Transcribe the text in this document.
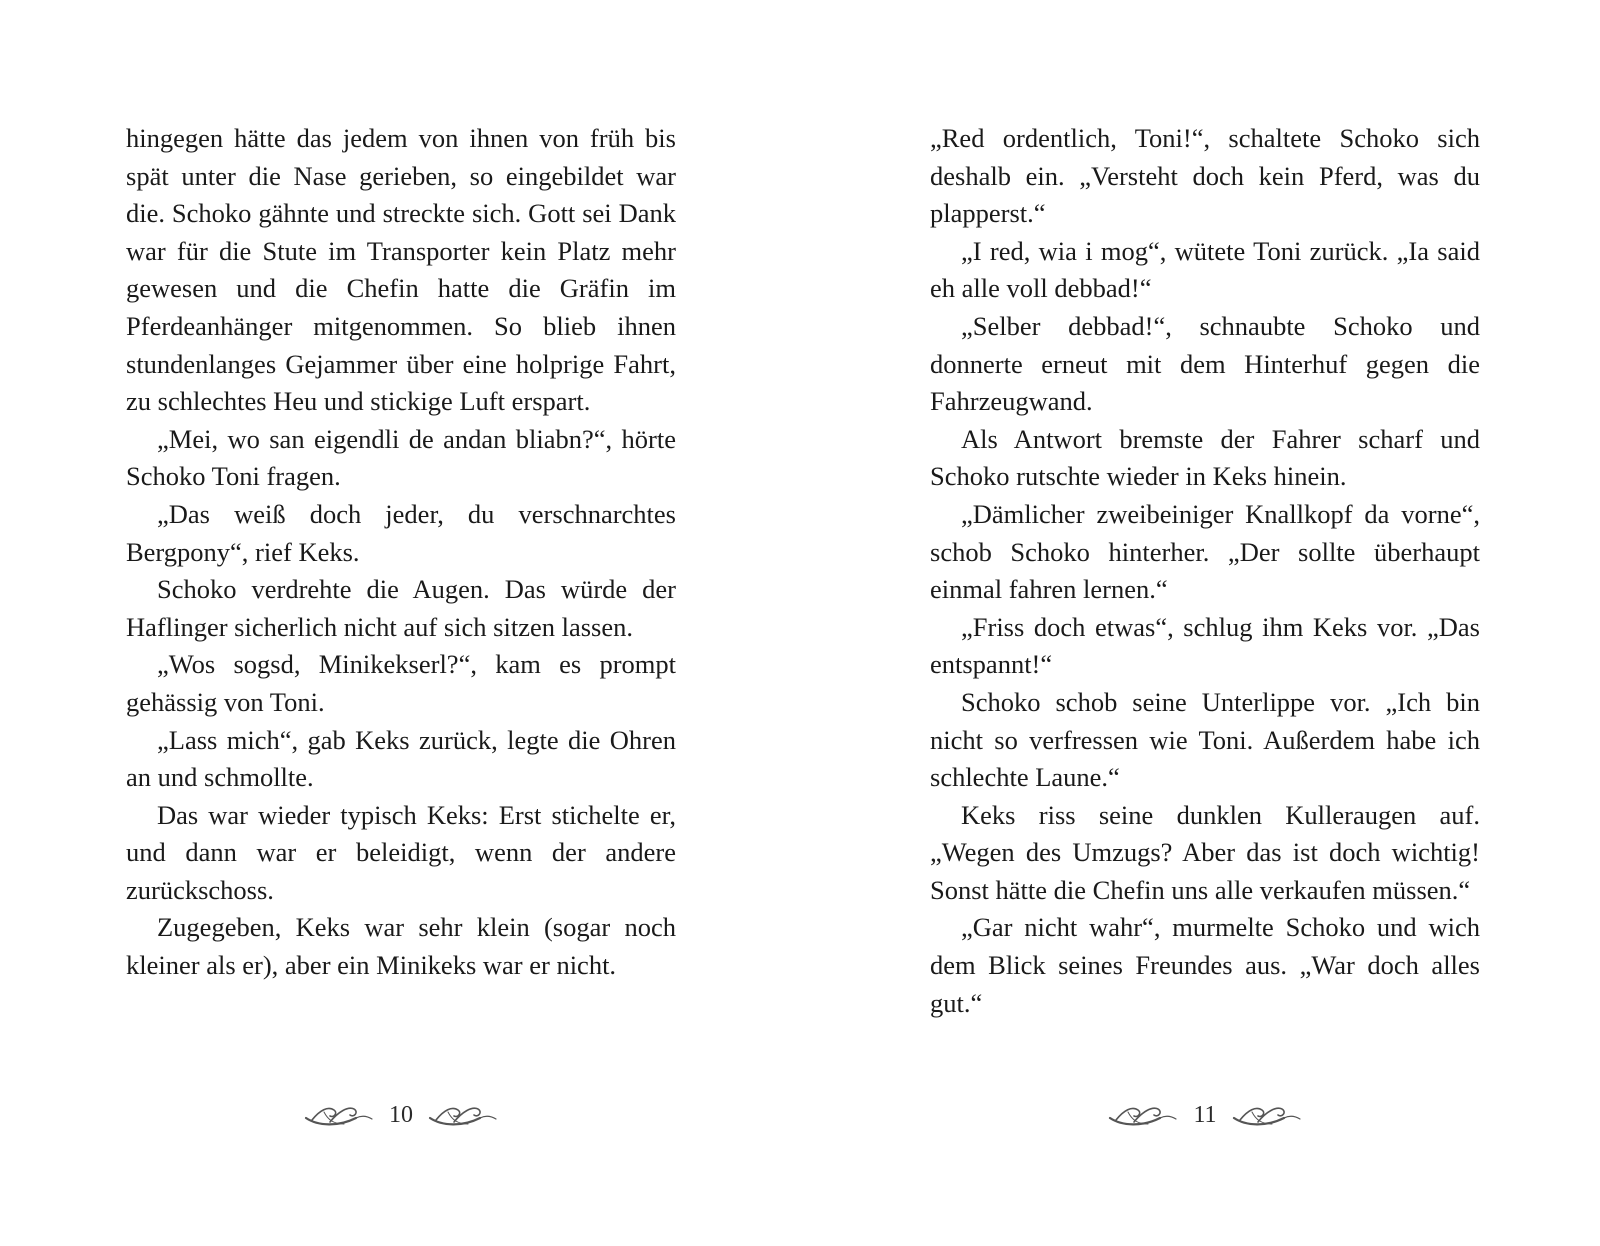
hingegen hätte das jedem von ihnen von früh bis spät unter die Nase gerieben, so eingebildet war die. Schoko gähnte und streckte sich. Gott sei Dank war für die Stute im Transporter kein Platz mehr gewesen und die Chefin hatte die Gräfin im Pferdeanhänger mitgenommen. So blieb ihnen stundenlanges Gejammer über eine holprige Fahrt, zu schlechtes Heu und stickige Luft erspart.

„Mei, wo san eigendli de andan bliabn?“, hörte Schoko Toni fragen.

„Das weiß doch jeder, du verschnarchtes Bergpony“, rief Keks.

Schoko verdrehte die Augen. Das würde der Haflinger sicherlich nicht auf sich sitzen lassen.

„Wos sogsd, Minikekserl?“, kam es prompt gehässig von Toni.

„Lass mich“, gab Keks zurück, legte die Ohren an und schmollte.

Das war wieder typisch Keks: Erst stichelte er, und dann war er beleidigt, wenn der andere zurückschoss.

Zugegeben, Keks war sehr klein (sogar noch kleiner als er), aber ein Minikeks war er nicht.

10

„Red ordentlich, Toni!“, schaltete Schoko sich deshalb ein. „Versteht doch kein Pferd, was du plapperst.“

„I red, wia i mog“, wütete Toni zurück. „Ia said eh alle voll debbad!“

„Selber debbad!“, schnaubte Schoko und donnerte erneut mit dem Hinterhuf gegen die Fahrzeugwand.

Als Antwort bremste der Fahrer scharf und Schoko rutschte wieder in Keks hinein.

„Dämlicher zweibeiniger Knallkopf da vorne“, schob Schoko hinterher. „Der sollte überhaupt einmal fahren lernen.“

„Friss doch etwas“, schlug ihm Keks vor. „Das entspannt!“

Schoko schob seine Unterlippe vor. „Ich bin nicht so verfressen wie Toni. Außerdem habe ich schlechte Laune.“

Keks riss seine dunklen Kulleraugen auf. „Wegen des Umzugs? Aber das ist doch wichtig! Sonst hätte die Chefin uns alle verkaufen müssen.“

„Gar nicht wahr“, murmelte Schoko und wich dem Blick seines Freundes aus. „War doch alles gut.“

11
